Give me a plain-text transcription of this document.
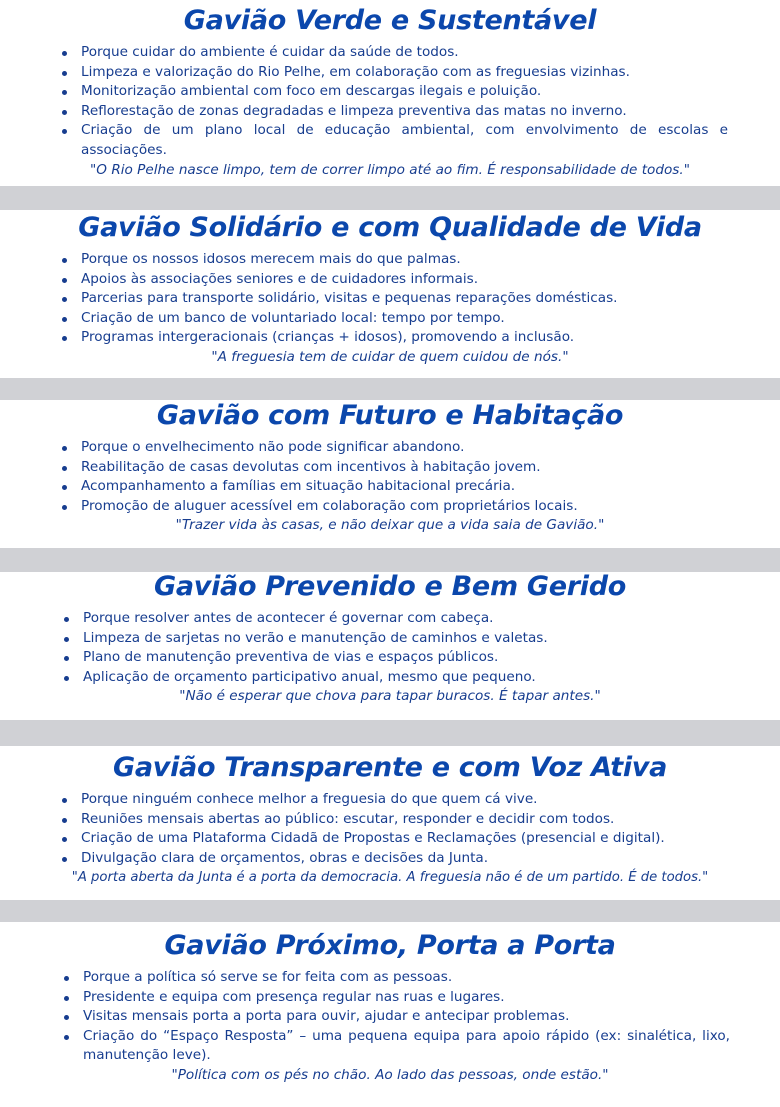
Gavião Verde e Sustentável
Porque cuidar do ambiente é cuidar da saúde de todos.
Limpeza e valorização do Rio Pelhe, em colaboração com as freguesias vizinhas.
Monitorização ambiental com foco em descargas ilegais e poluição.
Reflorestação de zonas degradadas e limpeza preventiva das matas no inverno.
Criação de um plano local de educação ambiental, com envolvimento de escolas e associações.
"O Rio Pelhe nasce limpo, tem de correr limpo até ao fim. É responsabilidade de todos."
Gavião Solidário e com Qualidade de Vida
Porque os nossos idosos merecem mais do que palmas.
Apoios às associações seniores e de cuidadores informais.
Parcerias para transporte solidário, visitas e pequenas reparações domésticas.
Criação de um banco de voluntariado local: tempo por tempo.
Programas intergeracionais (crianças + idosos), promovendo a inclusão.
"A freguesia tem de cuidar de quem cuidou de nós."
Gavião com Futuro e Habitação
Porque o envelhecimento não pode significar abandono.
Reabilitação de casas devolutas com incentivos à habitação jovem.
Acompanhamento a famílias em situação habitacional precária.
Promoção de aluguer acessível em colaboração com proprietários locais.
"Trazer vida às casas, e não deixar que a vida saia de Gavião."
Gavião Prevenido e Bem Gerido
Porque resolver antes de acontecer é governar com cabeça.
Limpeza de sarjetas no verão e manutenção de caminhos e valetas.
Plano de manutenção preventiva de vias e espaços públicos.
Aplicação de orçamento participativo anual, mesmo que pequeno.
"Não é esperar que chova para tapar buracos. É tapar antes."
Gavião Transparente e com Voz Ativa
Porque ninguém conhece melhor a freguesia do que quem cá vive.
Reuniões mensais abertas ao público: escutar, responder e decidir com todos.
Criação de uma Plataforma Cidadã de Propostas e Reclamações (presencial e digital).
Divulgação clara de orçamentos, obras e decisões da Junta.
"A porta aberta da Junta é a porta da democracia. A freguesia não é de um partido. É de todos."
Gavião Próximo, Porta a Porta
Porque a política só serve se for feita com as pessoas.
Presidente e equipa com presença regular nas ruas e lugares.
Visitas mensais porta a porta para ouvir, ajudar e antecipar problemas.
Criação do “Espaço Resposta” – uma pequena equipa para apoio rápido (ex: sinalética, lixo, manutenção leve).
"Política com os pés no chão. Ao lado das pessoas, onde estão."
